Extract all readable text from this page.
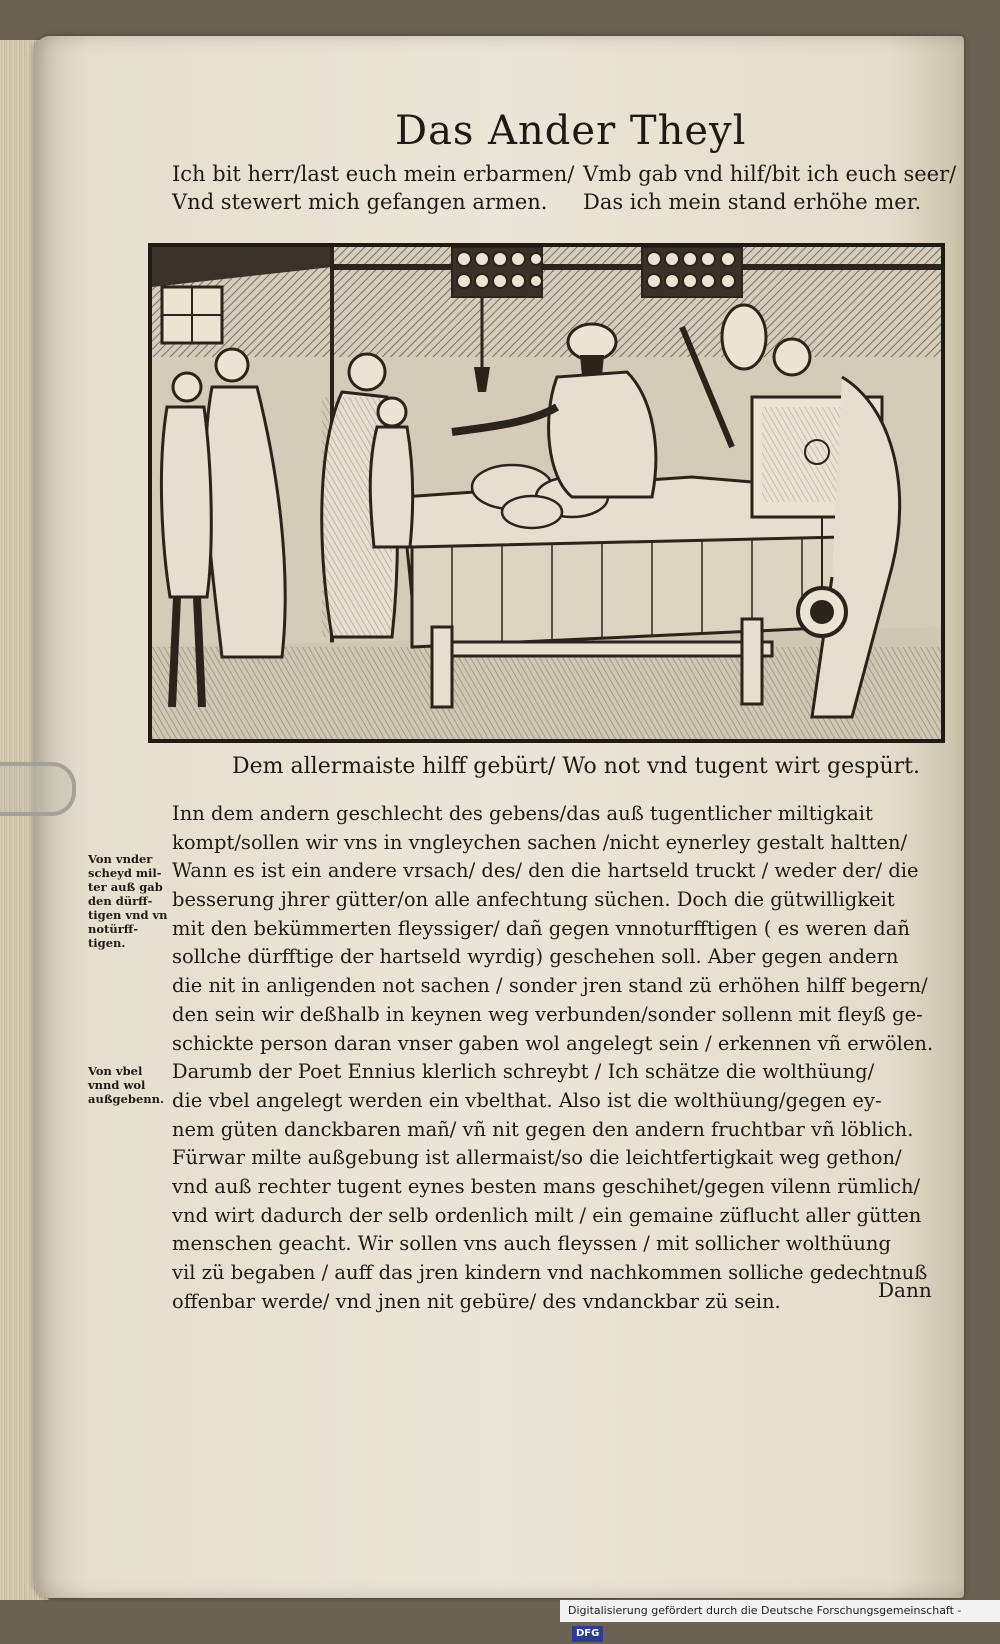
Das Ander Theyl
Ich bit herr/last euch mein erbarmen/
Vnd stewert mich gefangen armen.
Vmb gab vnd hilf/bit ich euch seer/
Das ich mein stand erhöhe mer.
Dem allermaiste hilff gebürt/ Wo not vnd tugent wirt gespürt.
Inn dem andern geschlecht des gebens/das auß tugentlicher miltigkait
kompt/sollen wir vns in vngleychen sachen /nicht eynerley gestalt haltten/
Wann es ist ein andere vrsach/ des/ den die hartseld truckt / weder der/ die
besserung jhrer gütter/on alle anfechtung süchen. Doch die gütwilligkeit
mit den bekümmerten fleyssiger/ dañ gegen vnnoturfftigen ( es weren dañ
sollche dürfftige der hartseld wyrdig) geschehen soll. Aber gegen andern
die nit in anligenden not sachen / sonder jren stand zü erhöhen hilff begern/
den sein wir deßhalb in keynen weg verbunden/sonder sollenn mit fleyß ge-
schickte person daran vnser gaben wol angelegt sein / erkennen vñ erwölen.
Darumb der Poet Ennius klerlich schreybt / Ich schätze die wolthüung/
die vbel angelegt werden ein vbelthat. Also ist die wolthüung/gegen ey-
nem güten danckbaren mañ/ vñ nit gegen den andern fruchtbar vñ löblich.
Fürwar milte außgebung ist allermaist/so die leichtfertigkait weg gethon/
vnd auß rechter tugent eynes besten mans geschihet/gegen vilenn rümlich/
vnd wirt dadurch der selb ordenlich milt / ein gemaine züflucht aller gütten
menschen geacht. Wir sollen vns auch fleyssen / mit sollicher wolthüung
vil zü begaben / auff das jren kindern vnd nachkommen solliche gedechtnuß
offenbar werde/ vnd jnen nit gebüre/ des vndanckbar zü sein.
Von vnder scheyd mil- ter auß gab den dürff- tigen vnd vn notürff- tigen.
Von vbel vnnd wol außgebenn.
Dann
Digitalisierung gefördert durch die Deutsche Forschungsgemeinschaft - DFG
